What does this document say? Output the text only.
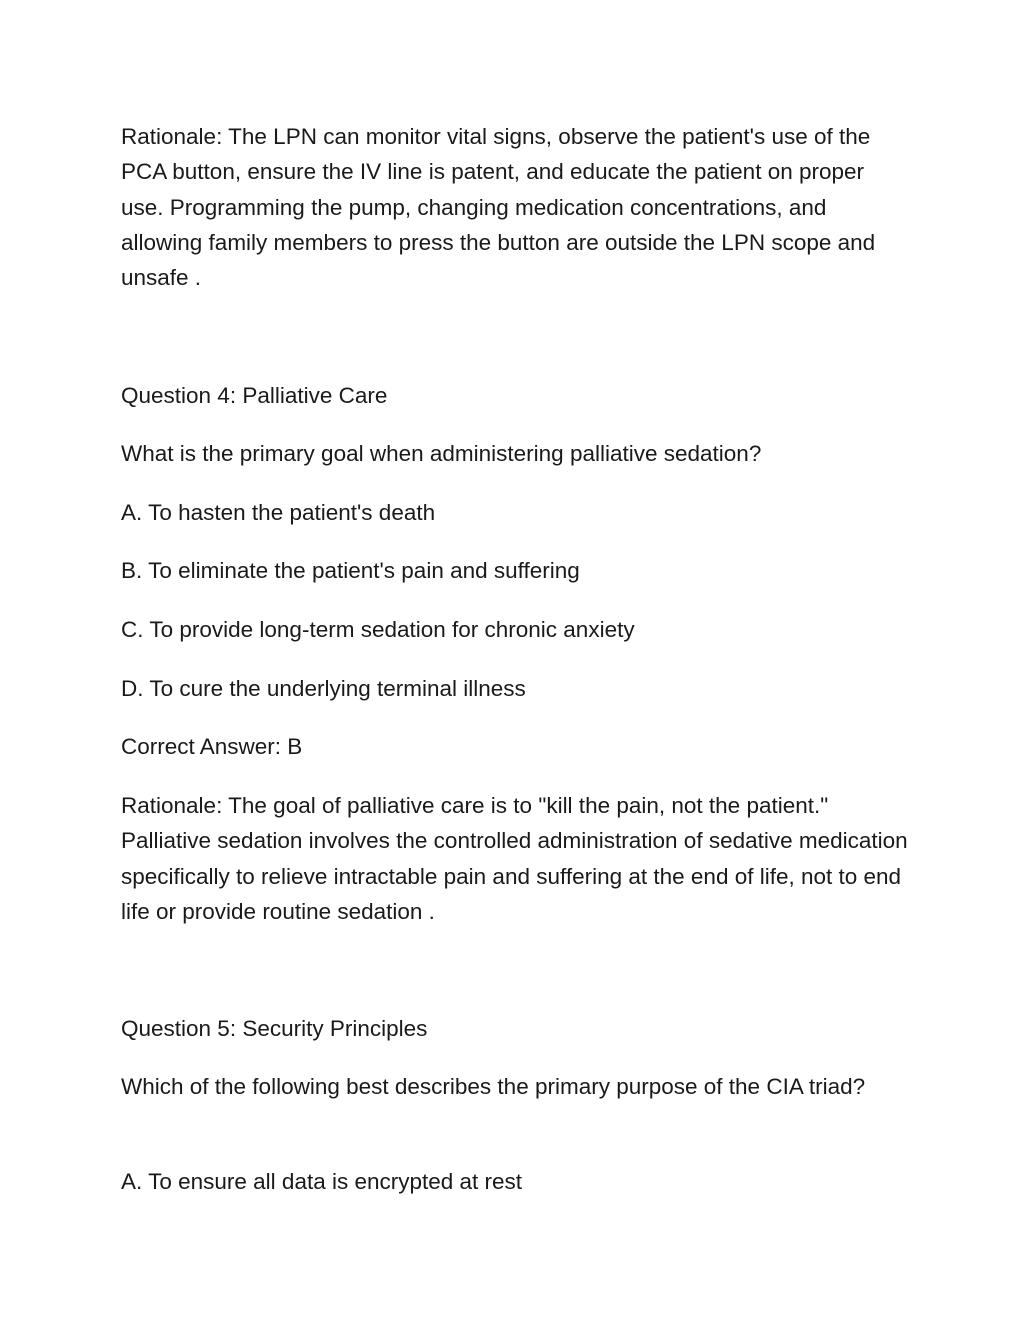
Rationale: The LPN can monitor vital signs, observe the patient's use of the PCA button, ensure the IV line is patent, and educate the patient on proper use. Programming the pump, changing medication concentrations, and allowing family members to press the button are outside the LPN scope and unsafe .

Question 4: Palliative Care

What is the primary goal when administering palliative sedation?

A. To hasten the patient's death

B. To eliminate the patient's pain and suffering

C. To provide long-term sedation for chronic anxiety

D. To cure the underlying terminal illness

Correct Answer: B

Rationale: The goal of palliative care is to "kill the pain, not the patient." Palliative sedation involves the controlled administration of sedative medication specifically to relieve intractable pain and suffering at the end of life, not to end life or provide routine sedation .

Question 5: Security Principles

Which of the following best describes the primary purpose of the CIA triad?

A. To ensure all data is encrypted at rest
